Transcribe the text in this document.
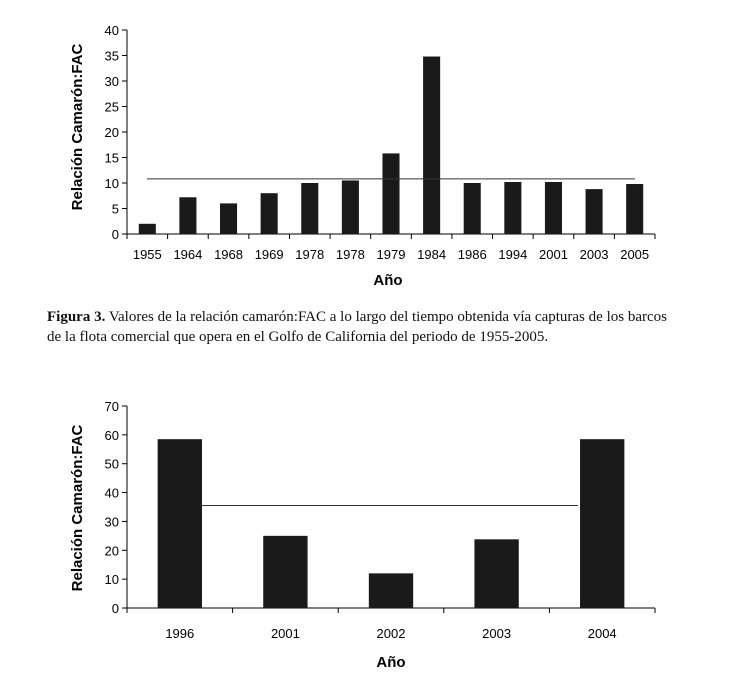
Relación Camarón:FAC
Año
0
5
10
15
20
25
30
35
40
1955 1964 1968 1969 1978 1978 1979 1984 1986 1994 2001 2003 2005
Figura 3. Valores de la relación camarón:FAC a lo largo del tiempo obtenida vía capturas de los barcos de la flota comercial que opera en el Golfo de California del periodo de 1955-2005.
Relación Camarón:FAC
Año
0
10
20
30
40
50
60
70
1996	2001	2002	2003	2004
